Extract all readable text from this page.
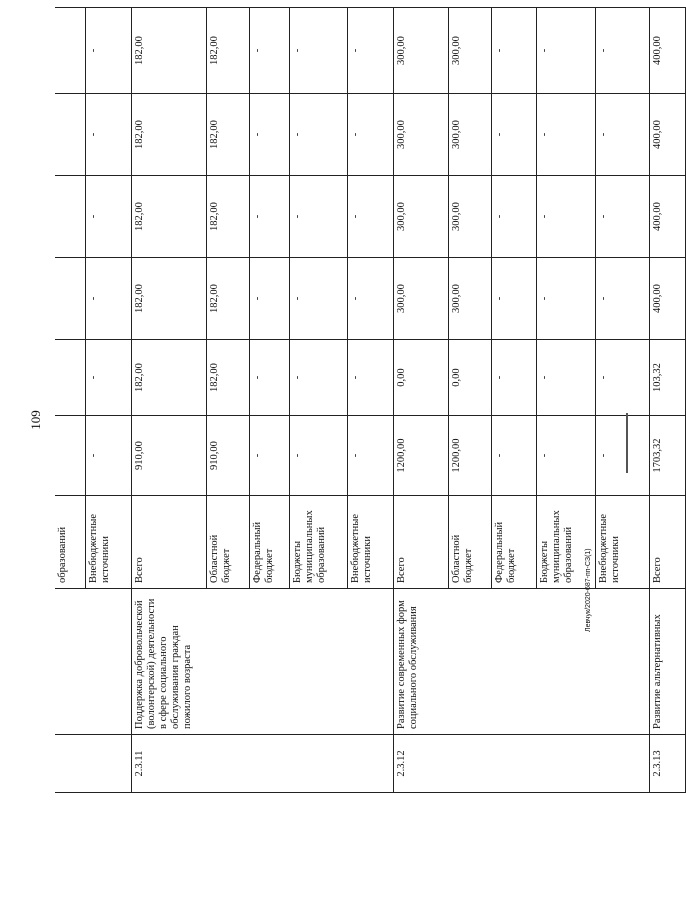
109
		образований						
		Внебюджетные источники	-	-	-	-	-	-
2.3.11	Поддержка добровольческой (волонтерской) деятельности в сфере социального обслуживания граждан пожилого возраста	Всего	910,00	182,00	182,00	182,00	182,00	182,00
		Областной бюджет	910,00	182,00	182,00	182,00	182,00	182,00
		Федеральный бюджет	-	-	-	-	-	-
		Бюджеты муниципальных образований	-	-	-	-	-	-
		Внебюджетные источники	-	-	-	-	-	-
2.3.12	Развитие современных форм социального обслуживания	Всего	1200,00	0,00	300,00	300,00	300,00	300,00
		Областной бюджет	1200,00	0,00	300,00	300,00	300,00	300,00
		Федеральный бюджет	-	-	-	-	-	-
		Бюджеты муниципальных образований	-	-	-	-	-	-
		Внебюджетные источники	-	-	-	-	-	-
2.3.13	Развитие альтернативных	Всего	1703,32	103,32	400,00	400,00	400,00	400,00
Левчук/2020-687-пп-СЗ(1)
